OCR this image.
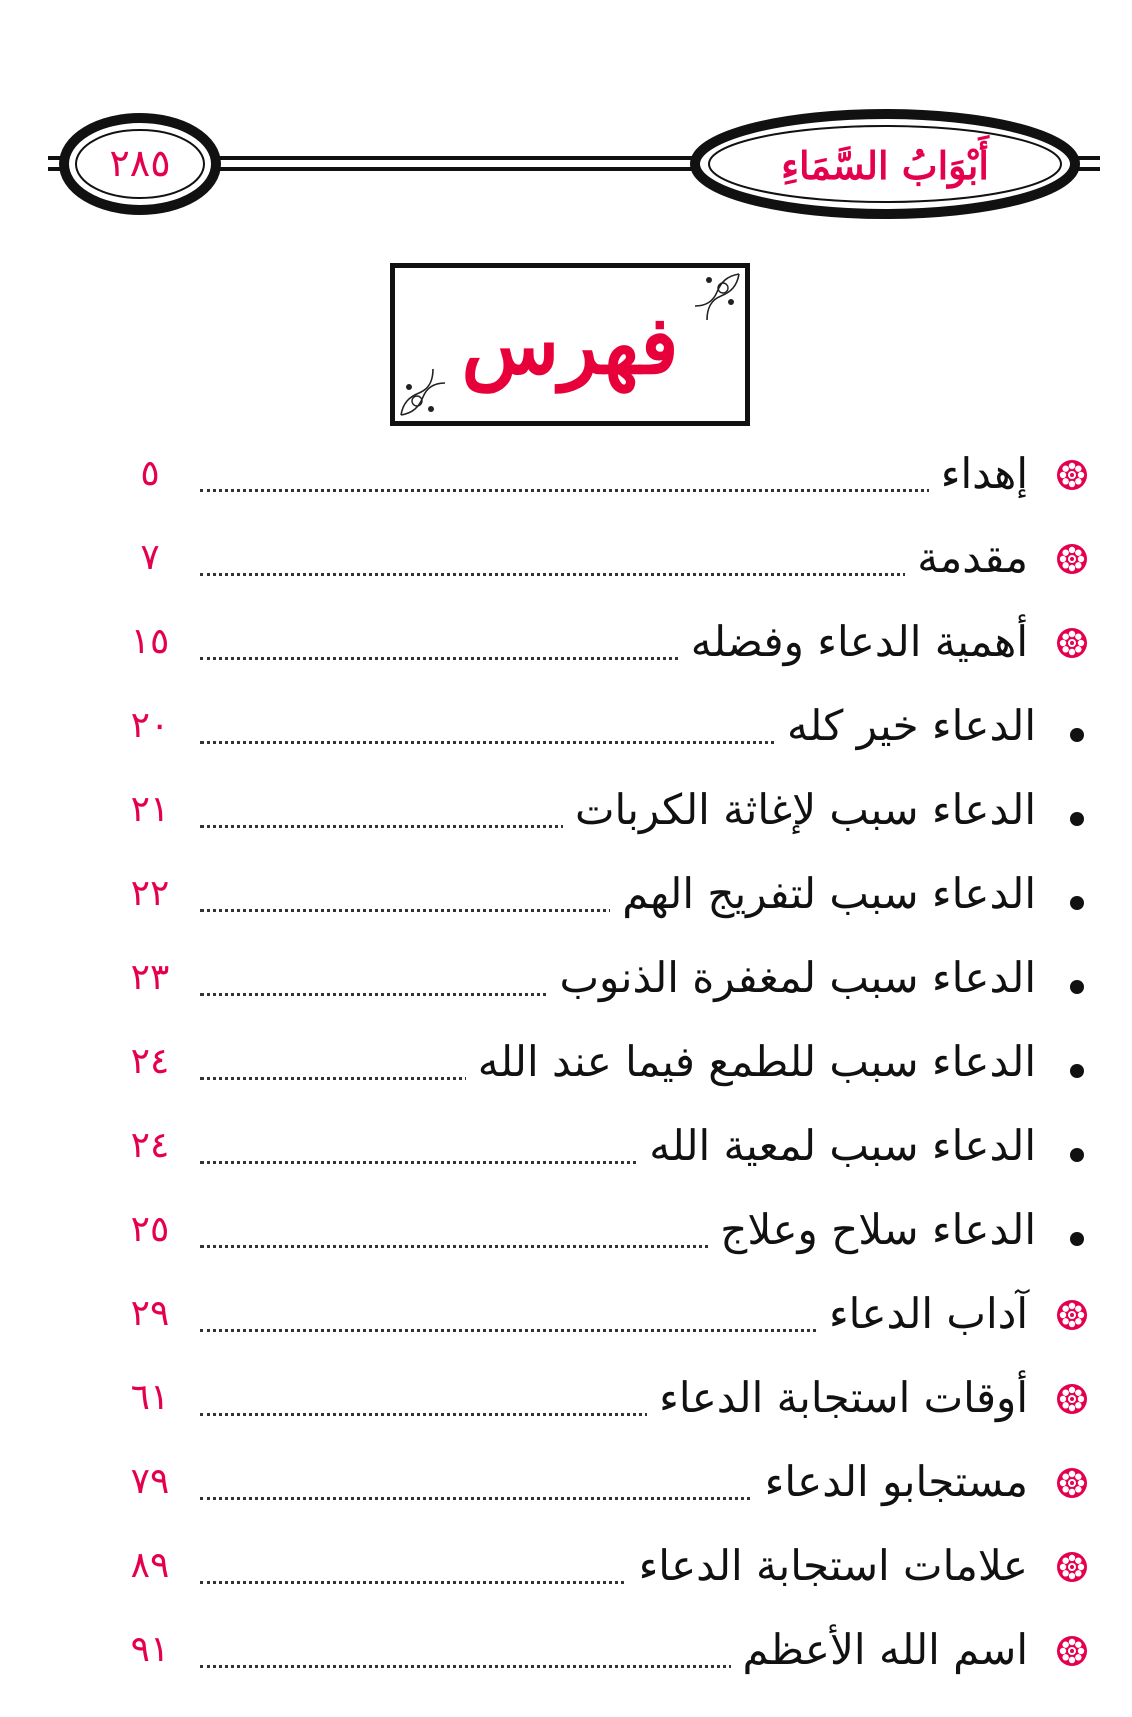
٢٨٥	أَبْوَابُ السَّمَاءِ
فهرس
٥	إهداء
٧	مقدمة
١٥	أهمية الدعاء وفضله
٢٠	الدعاء خير كله
٢١	الدعاء سبب لإغاثة الكربات
٢٢	الدعاء سبب لتفريج الهم
٢٣	الدعاء سبب لمغفرة الذنوب
٢٤	الدعاء سبب للطمع فيما عند الله
٢٤	الدعاء سبب لمعية الله
٢٥	الدعاء سلاح وعلاج
٢٩	آداب الدعاء
٦١	أوقات استجابة الدعاء
٧٩	مستجابو الدعاء
٨٩	علامات استجابة الدعاء
٩١	اسم الله الأعظم
